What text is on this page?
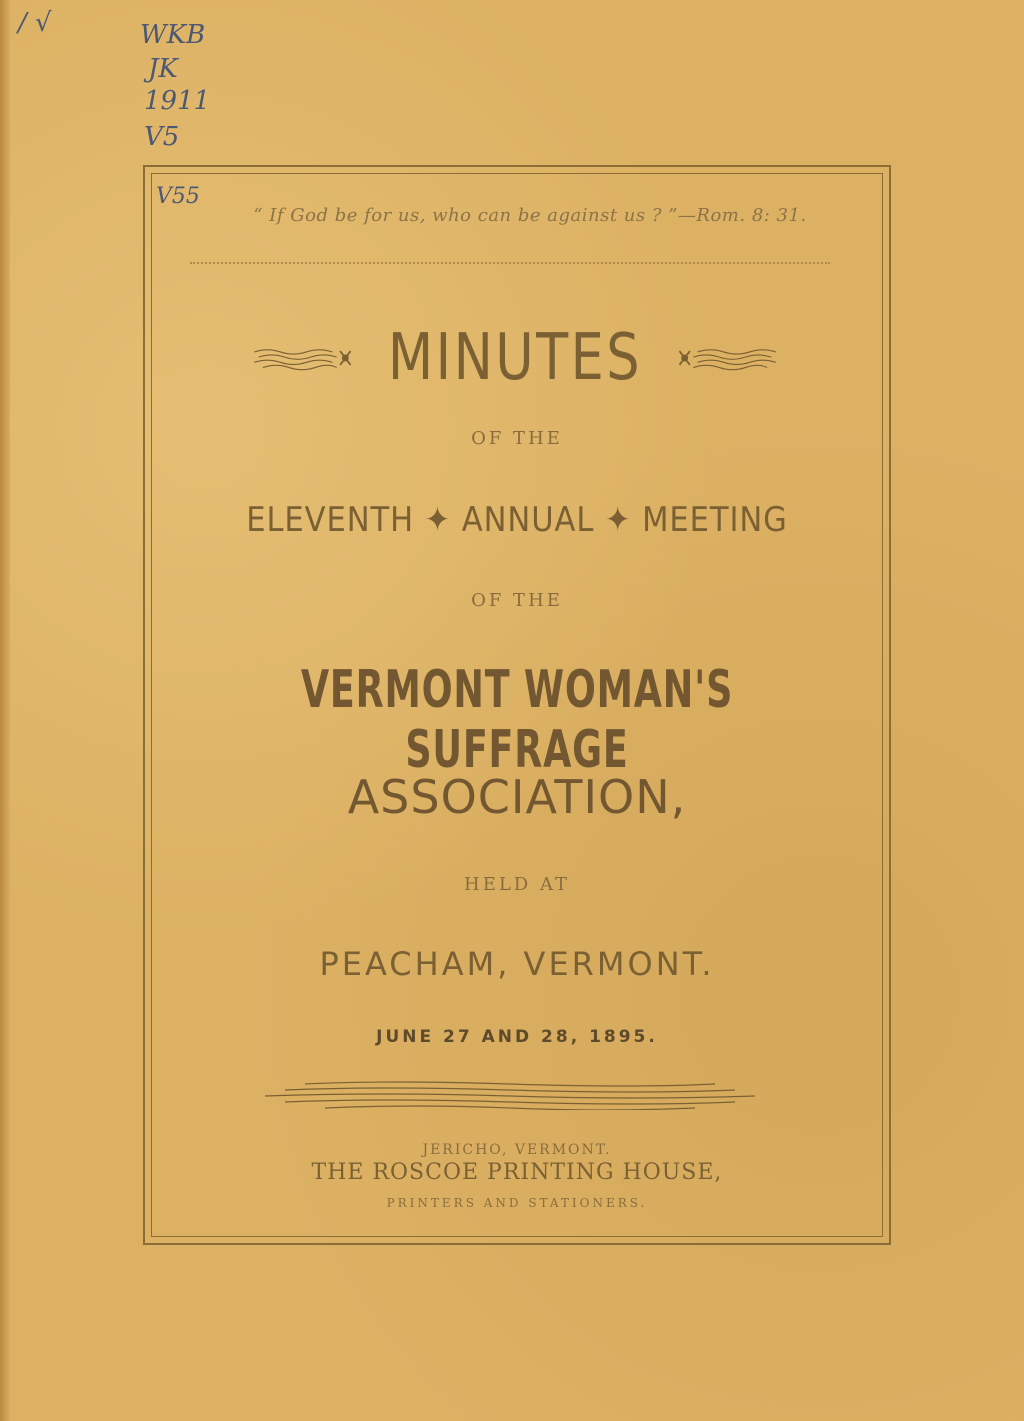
/ √	WKB
JK
1911
V5
V55
“ If God be for us, who can be against us ? ”—Rom. 8: 31.
MINUTES
OF THE
ELEVENTH ✦ ANNUAL ✦ MEETING
OF THE
VERMONT WOMAN'S SUFFRAGE
ASSOCIATION,
HELD AT
PEACHAM, VERMONT.
JUNE 27 AND 28, 1895.
JERICHO, VERMONT.
THE ROSCOE PRINTING HOUSE,
PRINTERS AND STATIONERS.
